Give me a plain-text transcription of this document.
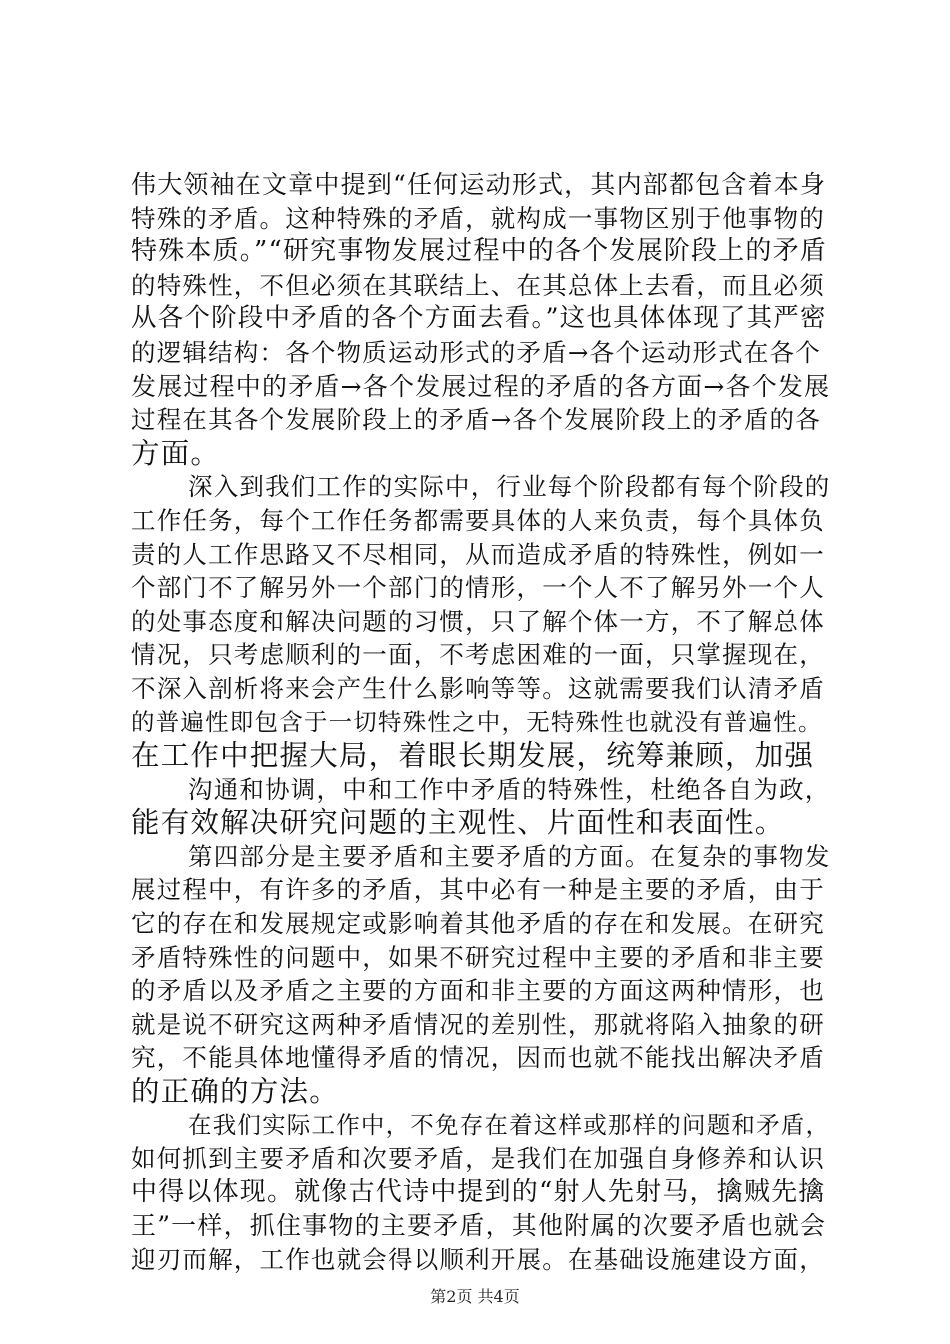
伟大领袖在文章中提到“任何运动形式，其内部都包含着本身
特殊的矛盾。这种特殊的矛盾，就构成一事物区别于他事物的
特殊本质。”“研究事物发展过程中的各个发展阶段上的矛盾
的特殊性，不但必须在其联结上、在其总体上去看，而且必须
从各个阶段中矛盾的各个方面去看。”这也具体体现了其严密
的逻辑结构：各个物质运动形式的矛盾→各个运动形式在各个
发展过程中的矛盾→各个发展过程的矛盾的各方面→各个发展
过程在其各个发展阶段上的矛盾→各个发展阶段上的矛盾的各
方面。

深入到我们工作的实际中，行业每个阶段都有每个阶段的
工作任务，每个工作任务都需要具体的人来负责，每个具体负
责的人工作思路又不尽相同，从而造成矛盾的特殊性，例如一
个部门不了解另外一个部门的情形，一个人不了解另外一个人
的处事态度和解决问题的习惯，只了解个体一方，不了解总体
情况，只考虑顺利的一面，不考虑困难的一面，只掌握现在，
不深入剖析将来会产生什么影响等等。这就需要我们认清矛盾
的普遍性即包含于一切特殊性之中，无特殊性也就没有普遍性。
在工作中把握大局，着眼长期发展，统筹兼顾，加强

沟通和协调，中和工作中矛盾的特殊性，杜绝各自为政，
能有效解决研究问题的主观性、片面性和表面性。

第四部分是主要矛盾和主要矛盾的方面。在复杂的事物发
展过程中，有许多的矛盾，其中必有一种是主要的矛盾，由于
它的存在和发展规定或影响着其他矛盾的存在和发展。在研究
矛盾特殊性的问题中，如果不研究过程中主要的矛盾和非主要
的矛盾以及矛盾之主要的方面和非主要的方面这两种情形，也
就是说不研究这两种矛盾情况的差别性，那就将陷入抽象的研
究，不能具体地懂得矛盾的情况，因而也就不能找出解决矛盾
的正确的方法。

在我们实际工作中，不免存在着这样或那样的问题和矛盾，
如何抓到主要矛盾和次要矛盾，是我们在加强自身修养和认识
中得以体现。就像古代诗中提到的“射人先射马，擒贼先擒
王”一样，抓住事物的主要矛盾，其他附属的次要矛盾也就会
迎刃而解，工作也就会得以顺利开展。在基础设施建设方面，

第2页 共4页
